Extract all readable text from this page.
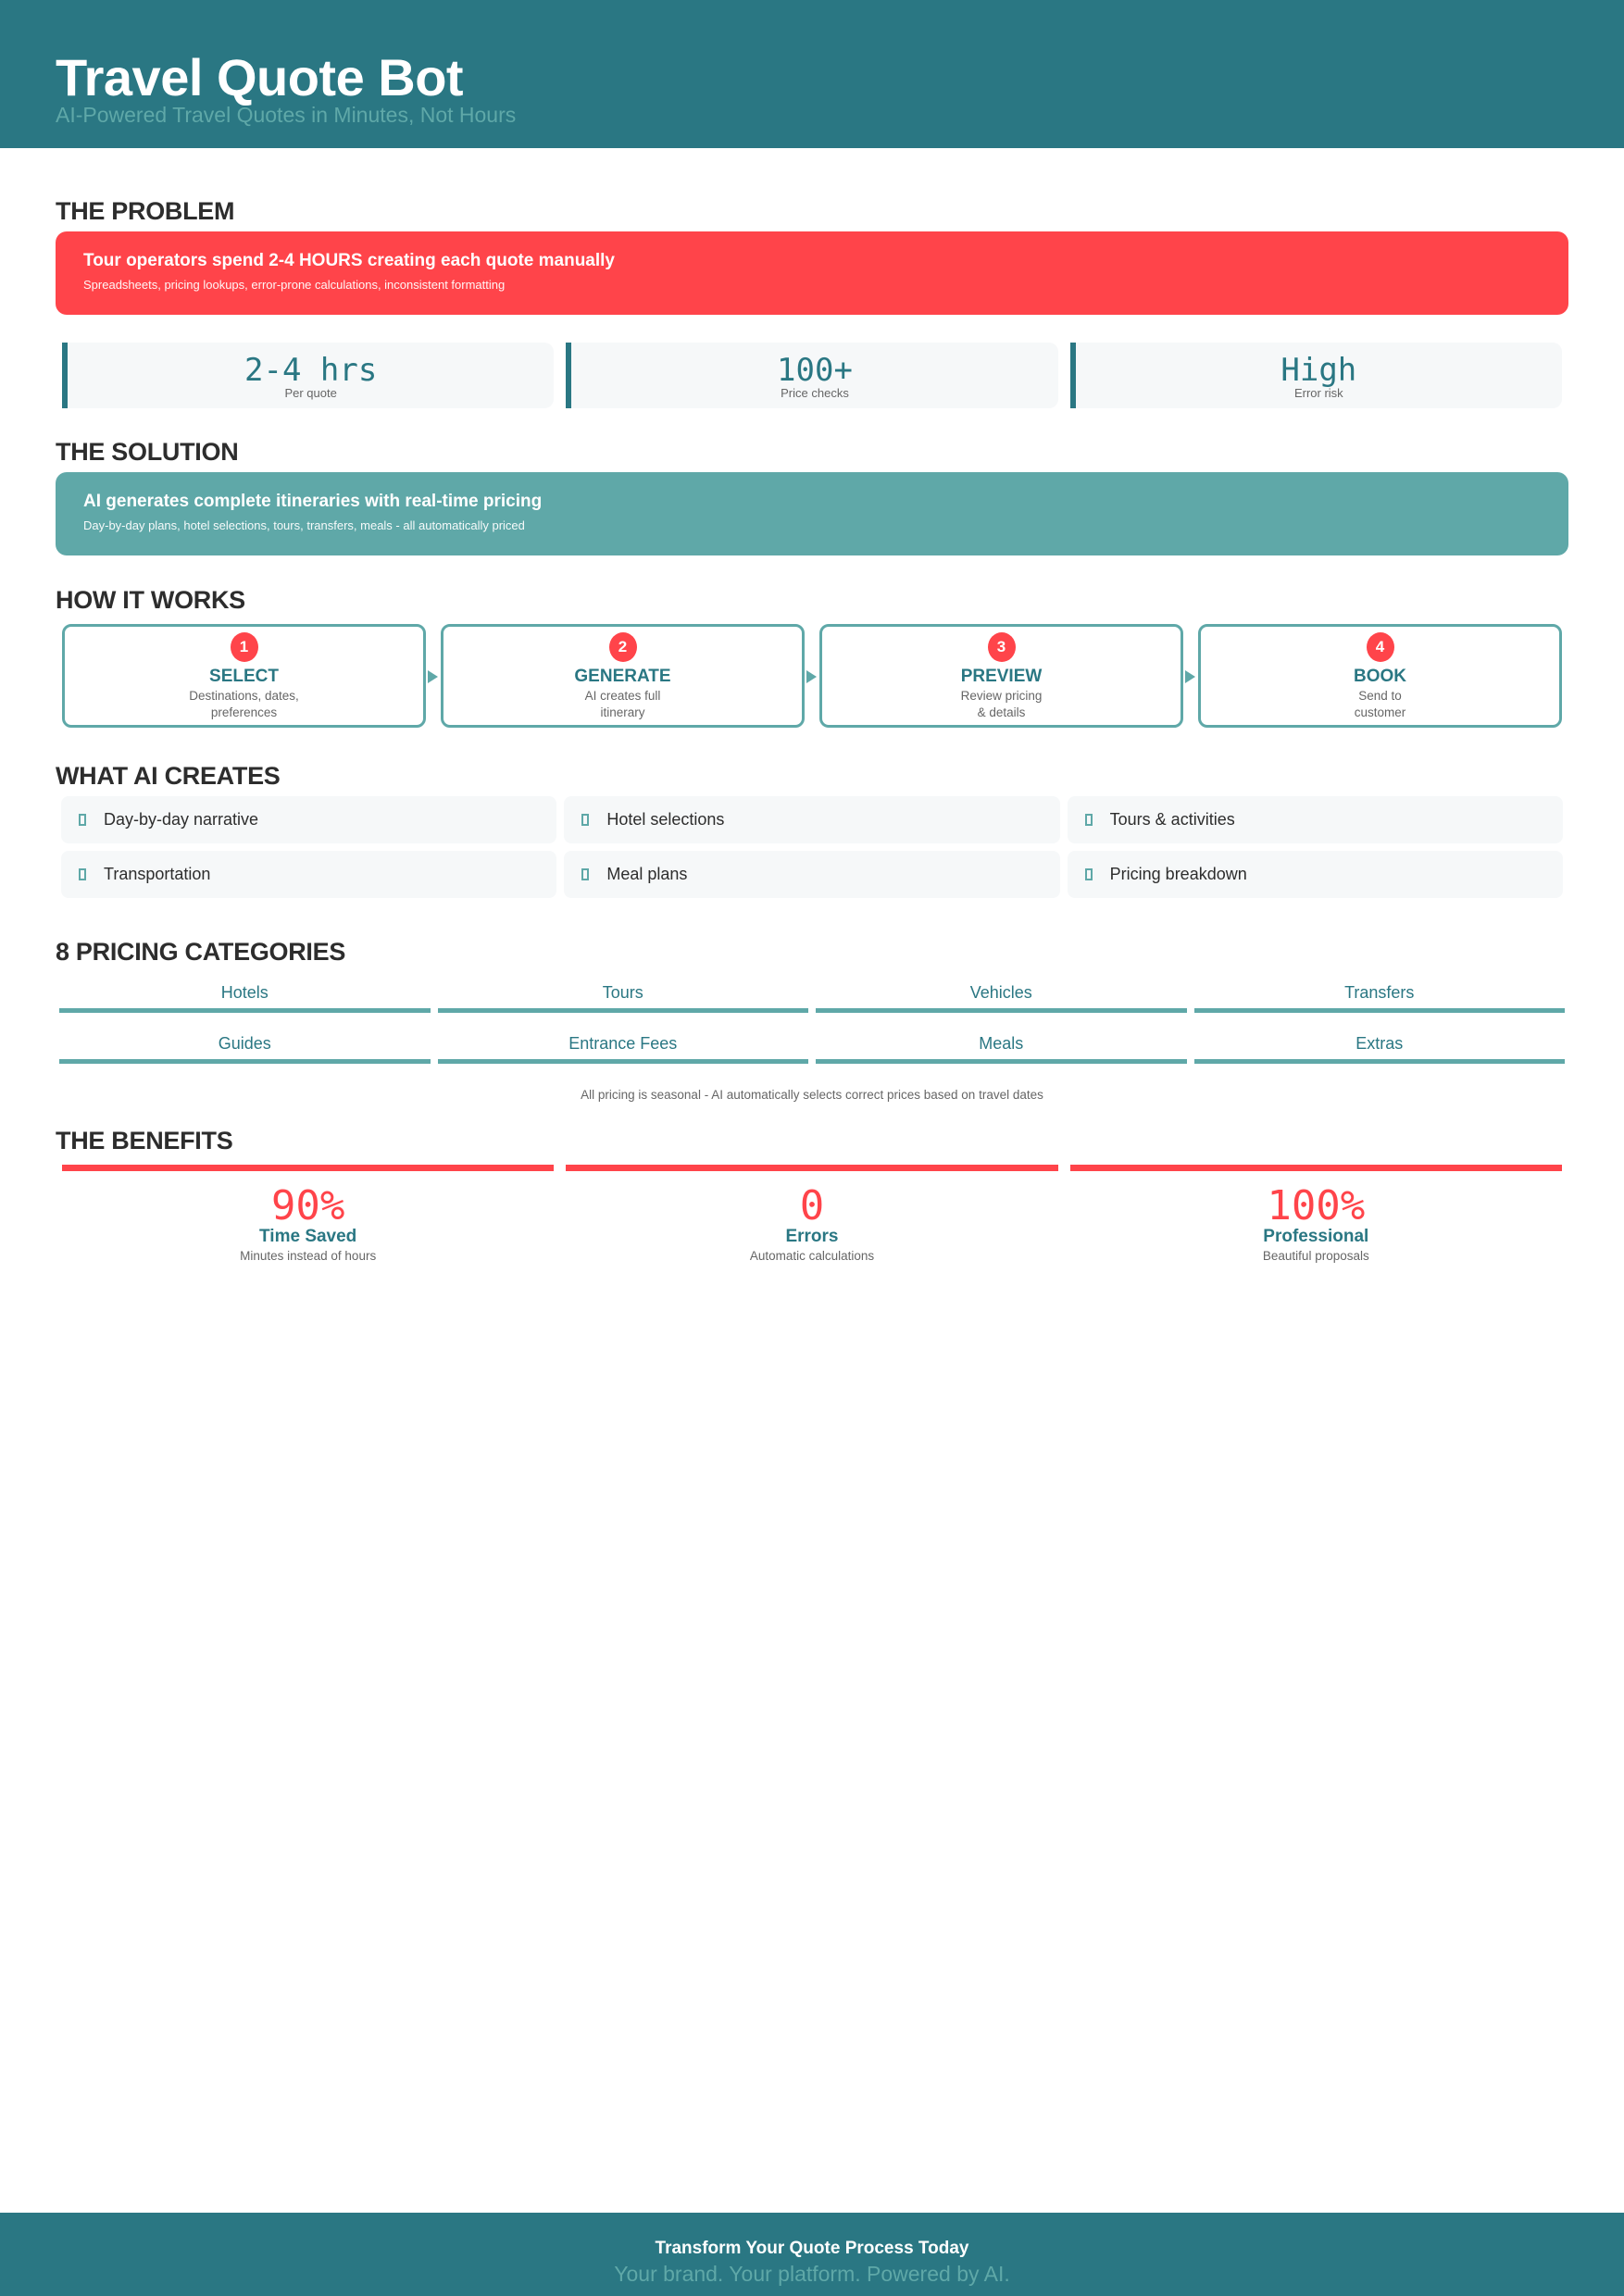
Travel Quote Bot
AI-Powered Travel Quotes in Minutes, Not Hours
THE PROBLEM
Tour operators spend 2-4 HOURS creating each quote manually
Spreadsheets, pricing lookups, error-prone calculations, inconsistent formatting
2-4 hrs
Per quote
100+
Price checks
High
Error risk
THE SOLUTION
AI generates complete itineraries with real-time pricing
Day-by-day plans, hotel selections, tours, transfers, meals - all automatically priced
HOW IT WORKS
1
SELECT
Destinations, dates,
preferences
2
GENERATE
AI creates full
itinerary
3
PREVIEW
Review pricing
& details
4
BOOK
Send to
customer
WHAT AI CREATES
Day-by-day narrative	Hotel selections	Tours & activities
Transportation	Meal plans	Pricing breakdown
8 PRICING CATEGORIES
Hotels	Tours	Vehicles	Transfers
Guides	Entrance Fees	Meals	Extras
All pricing is seasonal - AI automatically selects correct prices based on travel dates
THE BENEFITS
90%
Time Saved
Minutes instead of hours
0
Errors
Automatic calculations
100%
Professional
Beautiful proposals
Transform Your Quote Process Today
Your brand. Your platform. Powered by AI.
